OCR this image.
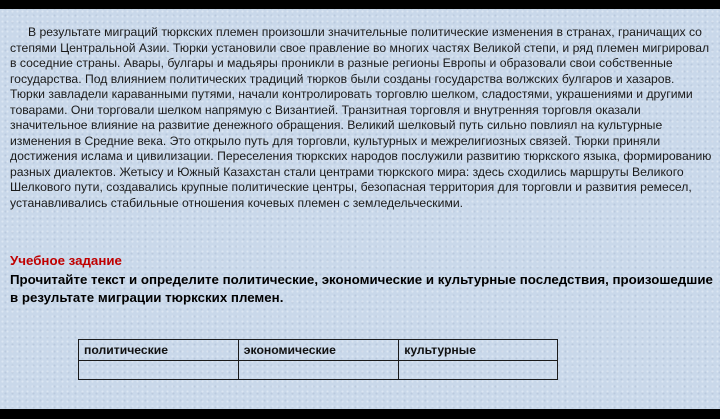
В результате миграций тюркских племен произошли значительные политические изменения в странах, граничащих со степями Центральной Азии. Тюрки установили свое правление во многих частях Великой степи, и ряд племен мигрировал в соседние страны. Авары, булгары и мадьяры проникли в разные регионы Европы и образовали свои собственные государства. Под влиянием политических традиций тюрков были созданы государства волжских булгаров и хазаров. Тюрки завладели караванными путями, начали контролировать торговлю шелком, сладостями, украшениями и другими товарами. Они торговали шелком напрямую с Византией. Транзитная торговля и внутренняя торговля оказали значительное влияние на развитие денежного обращения. Великий шелковый путь сильно повлиял на культурные изменения в Средние века. Это открыло путь для торговли, культурных и межрелигиозных связей. Тюрки приняли достижения ислама и цивилизации. Переселения тюркских народов послужили развитию тюркского языка, формированию разных диалектов. Жетысу и Южный Казахстан стали центрами тюркского мира: здесь сходились маршруты Великого Шелкового пути, создавались крупные политические центры, безопасная территория для торговли и развития ремесел, устанавливались стабильные отношения кочевых племен с земледельческими.

Учебное задание

Прочитайте текст и определите политические, экономические и культурные последствия, произошедшие в результате миграции тюркских племен.

политические	экономические	культурные
